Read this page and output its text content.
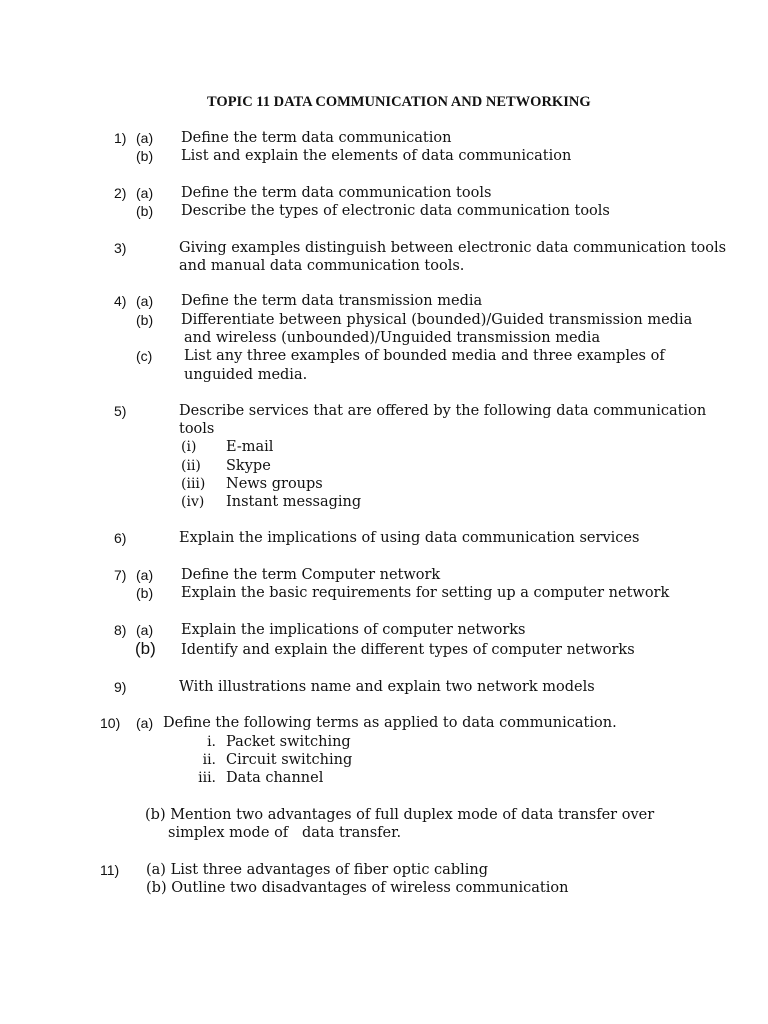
TOPIC 11 DATA COMMUNICATION AND NETWORKING
1) (a) Define the term data communication
(b) List and explain the elements of data communication
2) (a) Define the term data communication tools
(b) Describe the types of electronic data communication tools
3)	Giving examples distinguish between electronic data communication tools
and manual data communication tools.
4) (a) Define the term data transmission media
(b) Differentiate between physical (bounded)/Guided transmission media
and wireless (unbounded)/Unguided transmission media
(c) List any three examples of bounded media and three examples of
unguided media.
5)	Describe services that are offered by the following data communication
tools
(i) E-mail
(ii) Skype
(iii) News groups
(iv) Instant messaging
6)	Explain the implications of using data communication services
7) (a) Define the term Computer network
(b) Explain the basic requirements for setting up a computer network
8) (a) Explain the implications of computer networks
(b) Identify and explain the different types of computer networks
9)	With illustrations name and explain two network models
10) (a) Define the following terms as applied to data communication.
i. Packet switching
ii. Circuit switching
iii. Data channel
(b) Mention two advantages of full duplex mode of data transfer over
simplex mode of   data transfer.
11) (a) List three advantages of fiber optic cabling
(b) Outline two disadvantages of wireless communication
